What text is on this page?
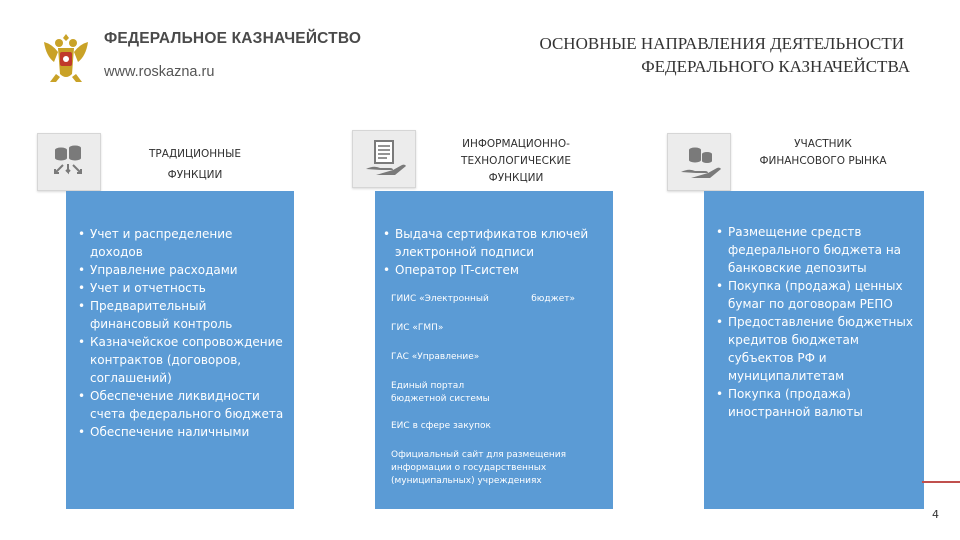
ФЕДЕРАЛЬНОЕ КАЗНАЧЕЙСТВО
www.roskazna.ru
ОСНОВНЫЕ НАПРАВЛЕНИЯ ДЕЯТЕЛЬНОСТИ
ФЕДЕРАЛЬНОГО КАЗНАЧЕЙСТВА
ТРАДИЦИОННЫЕ
ФУНКЦИИ
• Учет и распределение доходов
• Управление расходами
• Учет и отчетность
• Предварительный финансовый контроль
• Казначейское сопровождение контрактов (договоров, соглашений)
• Обеспечение ликвидности счета федерального бюджета
• Обеспечение наличными
ИНФОРМАЦИОННО-
ТЕХНОЛОГИЧЕСКИЕ
ФУНКЦИИ
• Выдача сертификатов ключей электронной подписи
• Оператор IT-систем
ГИИС «Электронный	бюджет»
ГИС «ГМП»
ГАС «Управление»
Единый портал
бюджетной системы
ЕИС в сфере закупок
Официальный сайт для размещения
информации о государственных
(муниципальных) учреждениях
УЧАСТНИК
ФИНАНСОВОГО РЫНКА
• Размещение средств федерального бюджета на банковские депозиты
• Покупка (продажа) ценных бумаг по договорам РЕПО
• Предоставление бюджетных кредитов бюджетам субъектов РФ и муниципалитетам
• Покупка (продажа) иностранной валюты
4
